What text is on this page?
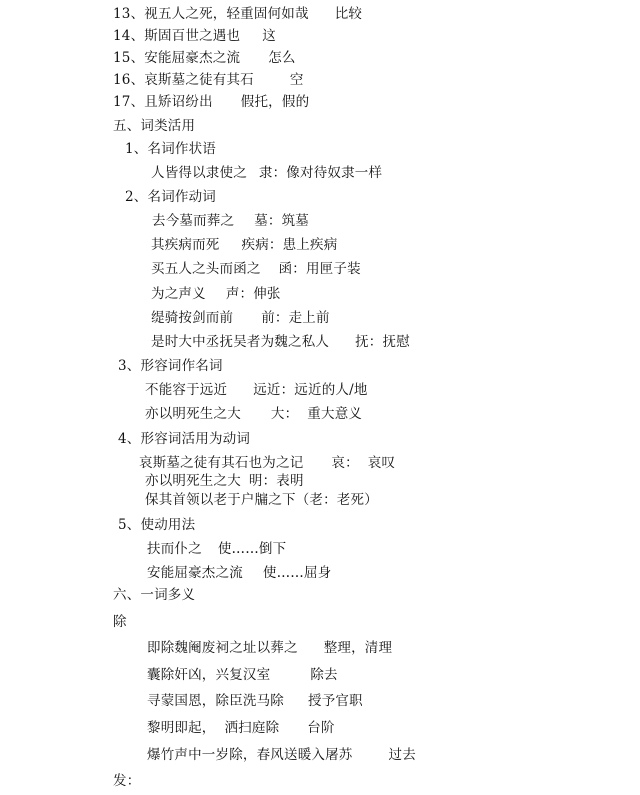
13、视五人之死，轻重固何如哉 比较
14、斯固百世之遇也 这
15、安能屈豪杰之流 怎么
16、哀斯墓之徒有其石	空
17、且矫诏纷出 假托，假的
五、词类活用
1、名词作状语
人皆得以隶使之 隶：像对待奴隶一样
2、名词作动词
去今墓而葬之 墓：筑墓
其疾病而死 疾病：患上疾病
买五人之头而函之 函：用匣子装
为之声义 声：伸张
缇骑按剑而前 前：走上前
是时大中丞抚吴者为魏之私人 抚：抚慰
3、形容词作名词
不能容于远近 远近：远近的人/地
亦以明死生之大 大：  重大意义
4、形容词活用为动词
哀斯墓之徒有其石也为之记 哀：  哀叹
亦以明死生之大 明：表明
保其首领以老于户牖之下（老：老死）
5、使动用法
扶而仆之 使……倒下
安能屈豪杰之流 使……屈身
六、一词多义
除
即除魏阉废祠之址以葬之 整理，清理
囊除奸凶，兴复汉室	除去
寻蒙国恩，除臣洗马除 授予官职
黎明即起，  洒扫庭除 台阶
爆竹声中一岁除，春风送暖入屠苏	过去
发：
